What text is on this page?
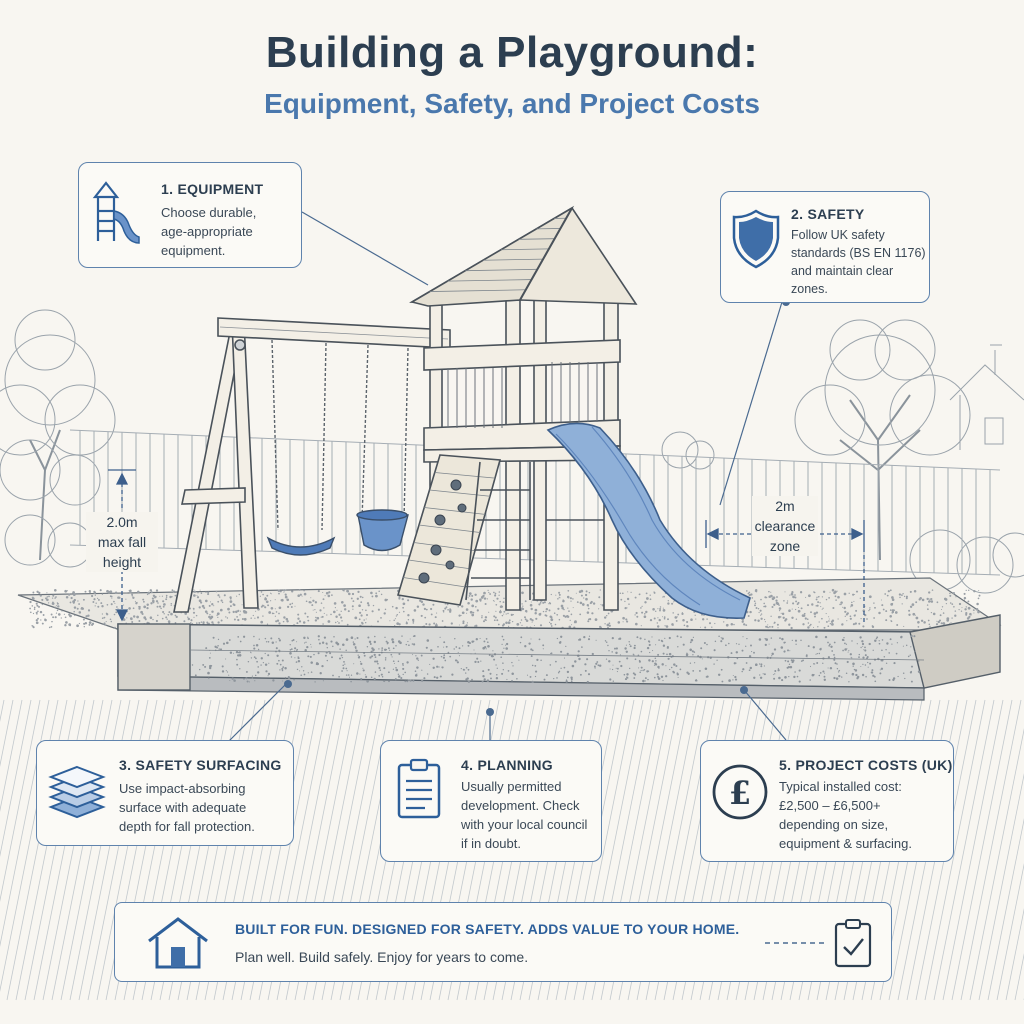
Building a Playground:
Equipment, Safety, and Project Costs
1. EQUIPMENT
Choose durable,
age-appropriate
equipment.
2. SAFETY
Follow UK safety
standards (BS EN 1176)
and maintain clear
zones.
3. SAFETY SURFACING
Use impact-absorbing
surface with adequate
depth for fall protection.
4. PLANNING
Usually permitted
development. Check
with your local council
if in doubt.
£
5. PROJECT COSTS (UK)
Typical installed cost:
£2,500 – £6,500+
depending on size,
equipment & surfacing.
2.0m
max fall
height
2m
clearance
zone
BUILT FOR FUN. DESIGNED FOR SAFETY. ADDS VALUE TO YOUR HOME.
Plan well. Build safely. Enjoy for years to come.
